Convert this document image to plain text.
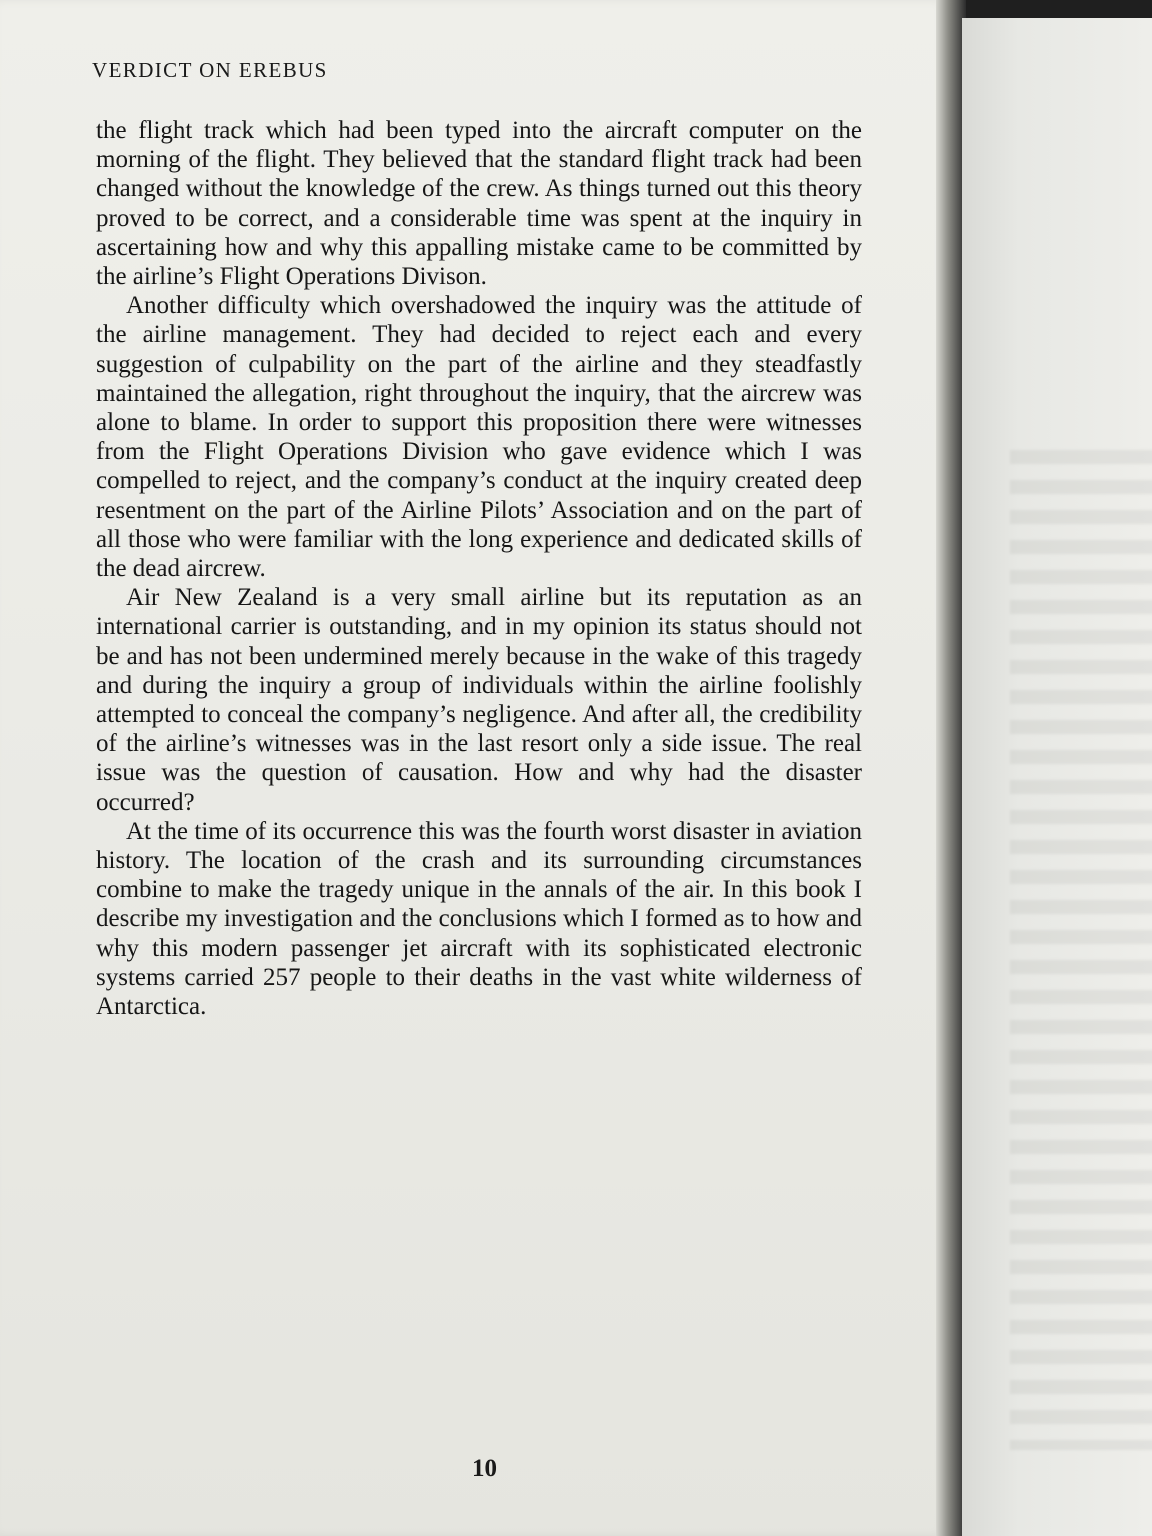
VERDICT ON EREBUS

the flight track which had been typed into the aircraft computer on the morning of the flight. They believed that the standard flight track had been changed without the knowledge of the crew. As things turned out this theory proved to be correct, and a considerable time was spent at the inquiry in ascertaining how and why this appalling mistake came to be committed by the airline’s Flight Operations Divison.

Another difficulty which overshadowed the inquiry was the attitude of the airline management. They had decided to reject each and every suggestion of culpability on the part of the airline and they steadfastly maintained the allegation, right throughout the inquiry, that the aircrew was alone to blame. In order to support this proposition there were witnesses from the Flight Operations Division who gave evidence which I was compelled to reject, and the company’s conduct at the inquiry created deep resentment on the part of the Airline Pilots’ Association and on the part of all those who were familiar with the long experience and dedicated skills of the dead aircrew.

Air New Zealand is a very small airline but its reputation as an international carrier is outstanding, and in my opinion its status should not be and has not been undermined merely because in the wake of this tragedy and during the inquiry a group of individuals within the airline foolishly attempted to conceal the company’s negligence. And after all, the credibility of the airline’s witnesses was in the last resort only a side issue. The real issue was the question of causation. How and why had the disaster occurred?

At the time of its occurrence this was the fourth worst disaster in aviation history. The location of the crash and its surrounding circumstances combine to make the tragedy unique in the annals of the air. In this book I describe my investigation and the conclusions which I formed as to how and why this modern passenger jet aircraft with its sophisticated electronic systems carried 257 people to their deaths in the vast white wilderness of Antarctica.

10
